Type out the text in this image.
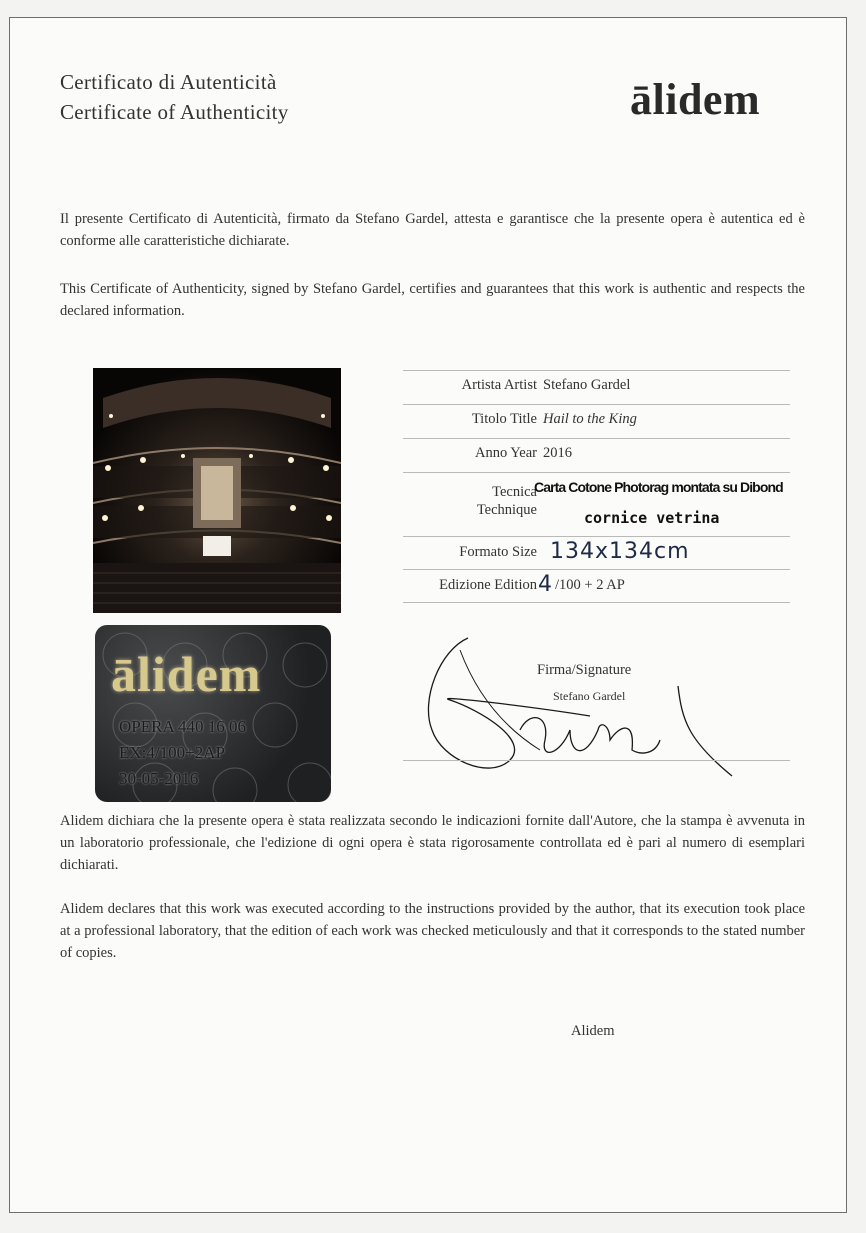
Certificato di Autenticità
Certificate of Authenticity	ālidem
Il presente Certificato di Autenticità, firmato da Stefano Gardel, attesta e garantisce che la presente opera è autentica ed è conforme alle caratteristiche dichiarate.
This Certificate of Authenticity, signed by Stefano Gardel, certifies and guarantees that this work is authentic and respects the declared information.
ālidem
OPERA 440 16 06
EX:4/100+2AP
30-05-2016
Artista Artist Stefano Gardel
Titolo Title Hail to the King
Anno Year 2016
Tecnica
Technique
Carta Cotone Photorag montata su Dibond
cornice vetrina
Formato Size 134x134cm
Edizione Edition 4 /100 + 2 AP
Firma/Signature
Stefano Gardel
Alidem dichiara che la presente opera è stata realizzata secondo le indicazioni fornite dall'Autore, che la stampa è avvenuta in un laboratorio professionale, che l'edizione di ogni opera è stata rigorosamente controllata ed è pari al numero di esemplari dichiarati.
Alidem declares that this work was executed according to the instructions provided by the author, that its execution took place at a professional laboratory, that the edition of each work was checked meticulously and that it corresponds to the stated number of copies.
Alidem
